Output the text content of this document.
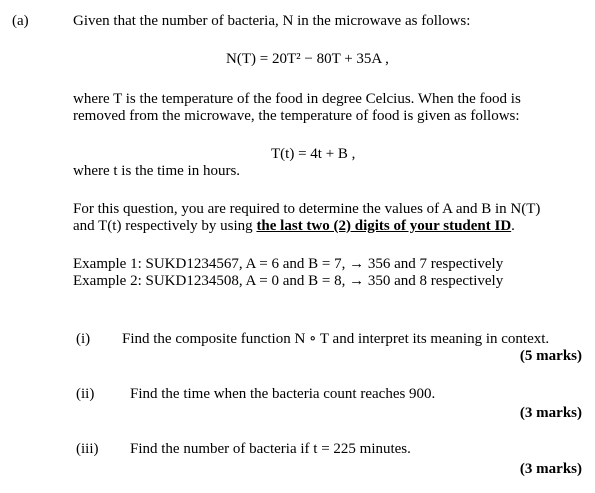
(a)	Given that the number of bacteria, N in the microwave as follows:
N(T) = 20T² − 80T + 35A ,
where T is the temperature of the food in degree Celcius. When the food is
removed from the microwave, the temperature of food is given as follows:
T(t) = 4t + B ,
where t is the time in hours.
For this question, you are required to determine the values of A and B in N(T)
and T(t) respectively by using the last two (2) digits of your student ID.
Example 1: SUKD1234567, A = 6 and B = 7, → 356 and 7 respectively
Example 2: SUKD1234508, A = 0 and B = 8, → 350 and 8 respectively
(i) Find the composite function N ∘ T and interpret its meaning in context.
(5 marks)
(ii) Find the time when the bacteria count reaches 900.
(3 marks)
(iii) Find the number of bacteria if t = 225 minutes.
(3 marks)
